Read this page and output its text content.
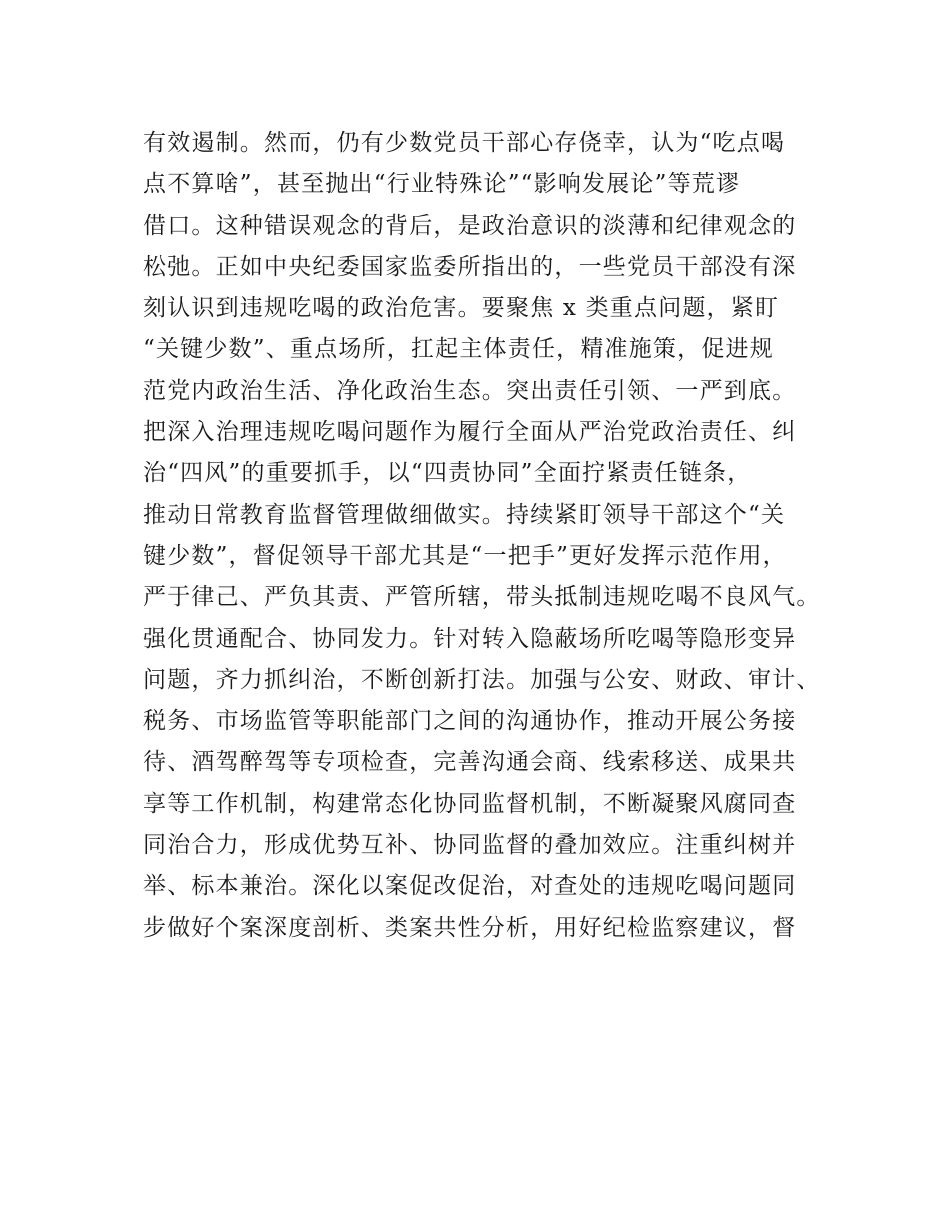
有效遏制。然而，仍有少数党员干部心存侥幸，认为“吃点喝
点不算啥”，甚至抛出“行业特殊论”“影响发展论”等荒谬
借口。这种错误观念的背后，是政治意识的淡薄和纪律观念的
松弛。正如中央纪委国家监委所指出的，一些党员干部没有深
刻认识到违规吃喝的政治危害。要聚焦 x 类重点问题，紧盯
“关键少数”、重点场所，扛起主体责任，精准施策，促进规
范党内政治生活、净化政治生态。突出责任引领、一严到底。
把深入治理违规吃喝问题作为履行全面从严治党政治责任、纠
治“四风”的重要抓手，以“四责协同”全面拧紧责任链条，
推动日常教育监督管理做细做实。持续紧盯领导干部这个“关
键少数”，督促领导干部尤其是“一把手”更好发挥示范作用，
严于律己、严负其责、严管所辖，带头抵制违规吃喝不良风气。
强化贯通配合、协同发力。针对转入隐蔽场所吃喝等隐形变异
问题，齐力抓纠治，不断创新打法。加强与公安、财政、审计、
税务、市场监管等职能部门之间的沟通协作，推动开展公务接
待、酒驾醉驾等专项检查，完善沟通会商、线索移送、成果共
享等工作机制，构建常态化协同监督机制，不断凝聚风腐同查
同治合力，形成优势互补、协同监督的叠加效应。注重纠树并
举、标本兼治。深化以案促改促治，对查处的违规吃喝问题同
步做好个案深度剖析、类案共性分析，用好纪检监察建议，督
